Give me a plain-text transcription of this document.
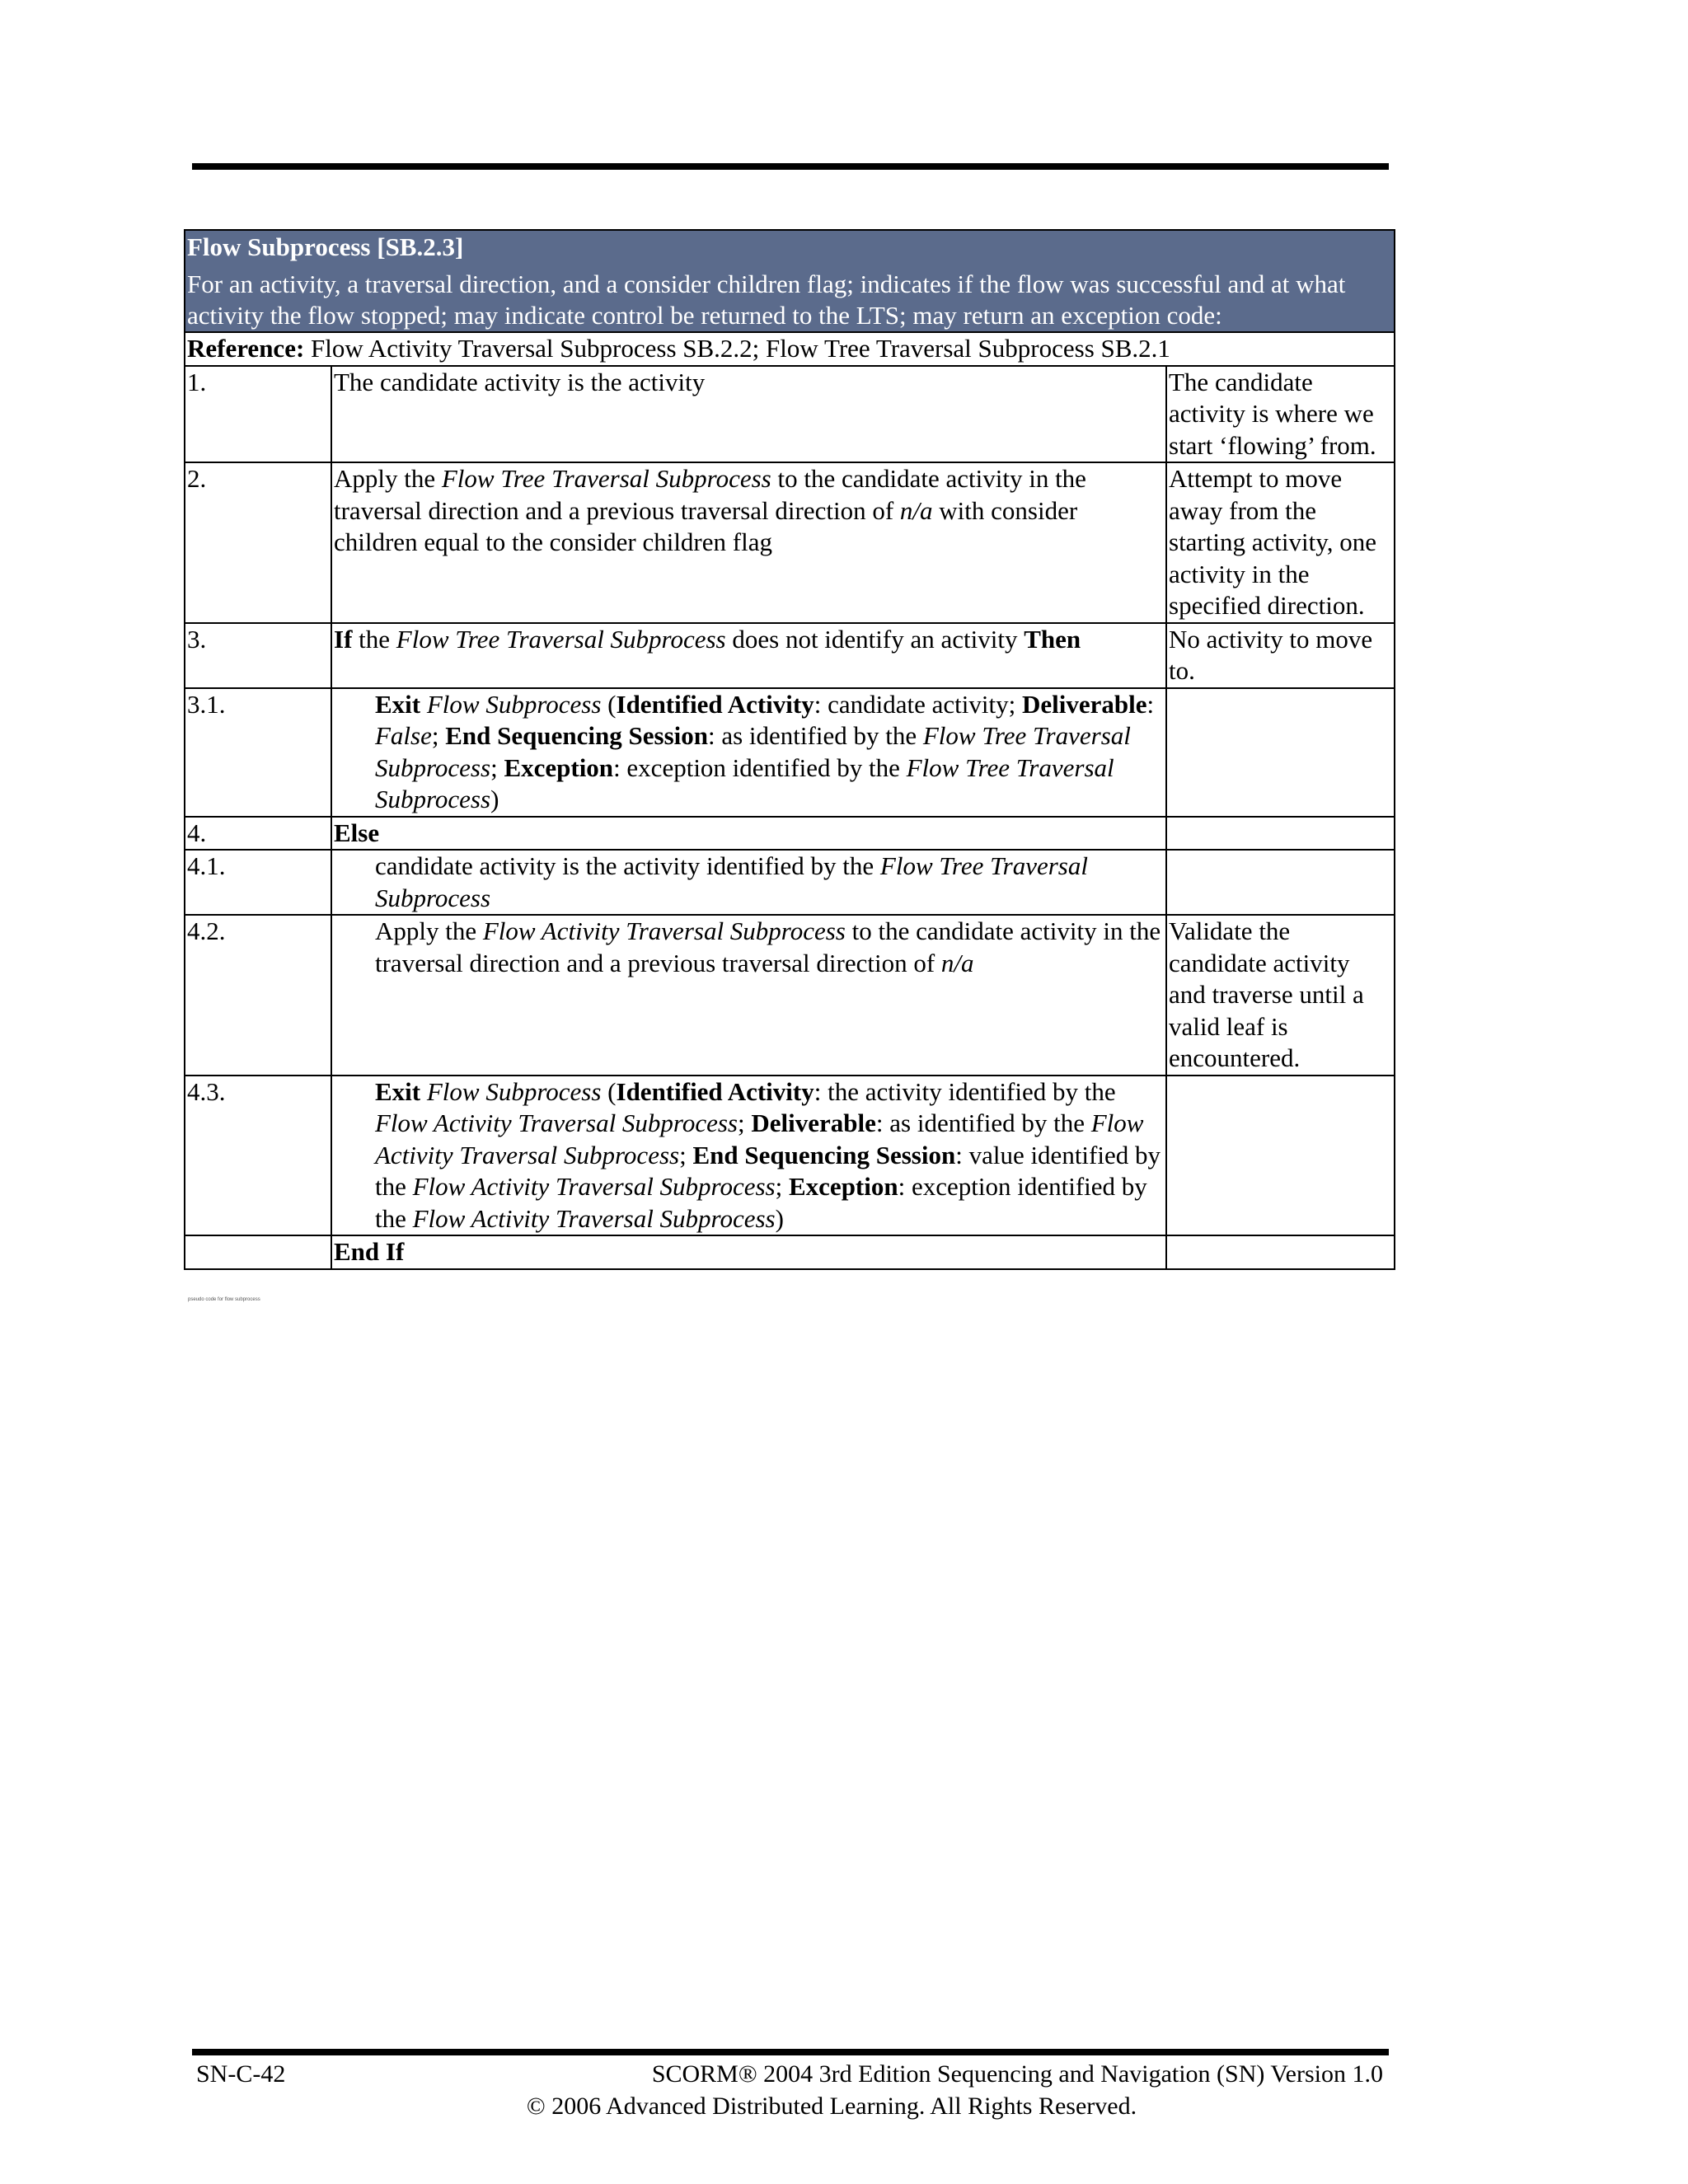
Flow Subprocess [SB.2.3]
For an activity, a traversal direction, and a consider children flag; indicates if the flow was successful and at what activity the flow stopped; may indicate control be returned to the LTS; may return an exception code:		

Reference: Flow Activity Traversal Subprocess SB.2.2; Flow Tree Traversal Subprocess SB.2.1		
1.	The candidate activity is the activity	The candidate activity is where we start ‘flowing’ from.
2.	Apply the Flow Tree Traversal Subprocess to the candidate activity in the traversal direction and a previous traversal direction of n/a with consider children equal to the consider children flag	Attempt to move away from the starting activity, one activity in the specified direction.
3.	If the Flow Tree Traversal Subprocess does not identify an activity Then	No activity to move to.
3.1.	Exit Flow Subprocess (Identified Activity: candidate activity; Deliverable: False; End Sequencing Session: as identified by the Flow Tree Traversal Subprocess; Exception: exception identified by the Flow Tree Traversal Subprocess)	
4.	Else	
4.1.	candidate activity is the activity identified by the Flow Tree Traversal Subprocess	
4.2.	Apply the Flow Activity Traversal Subprocess to the candidate activity in the traversal direction and a previous traversal direction of n/a	Validate the candidate activity and traverse until a valid leaf is encountered.
4.3.	Exit Flow Subprocess (Identified Activity: the activity identified by the Flow Activity Traversal Subprocess; Deliverable: as identified by the Flow Activity Traversal Subprocess; End Sequencing Session: value identified by the Flow Activity Traversal Subprocess; Exception: exception identified by the Flow Activity Traversal Subprocess)	
	End If	
pseudo code for flow subprocess
SN-C-42	SCORM® 2004 3rd Edition Sequencing and Navigation (SN) Version 1.0
© 2006 Advanced Distributed Learning. All Rights Reserved.
